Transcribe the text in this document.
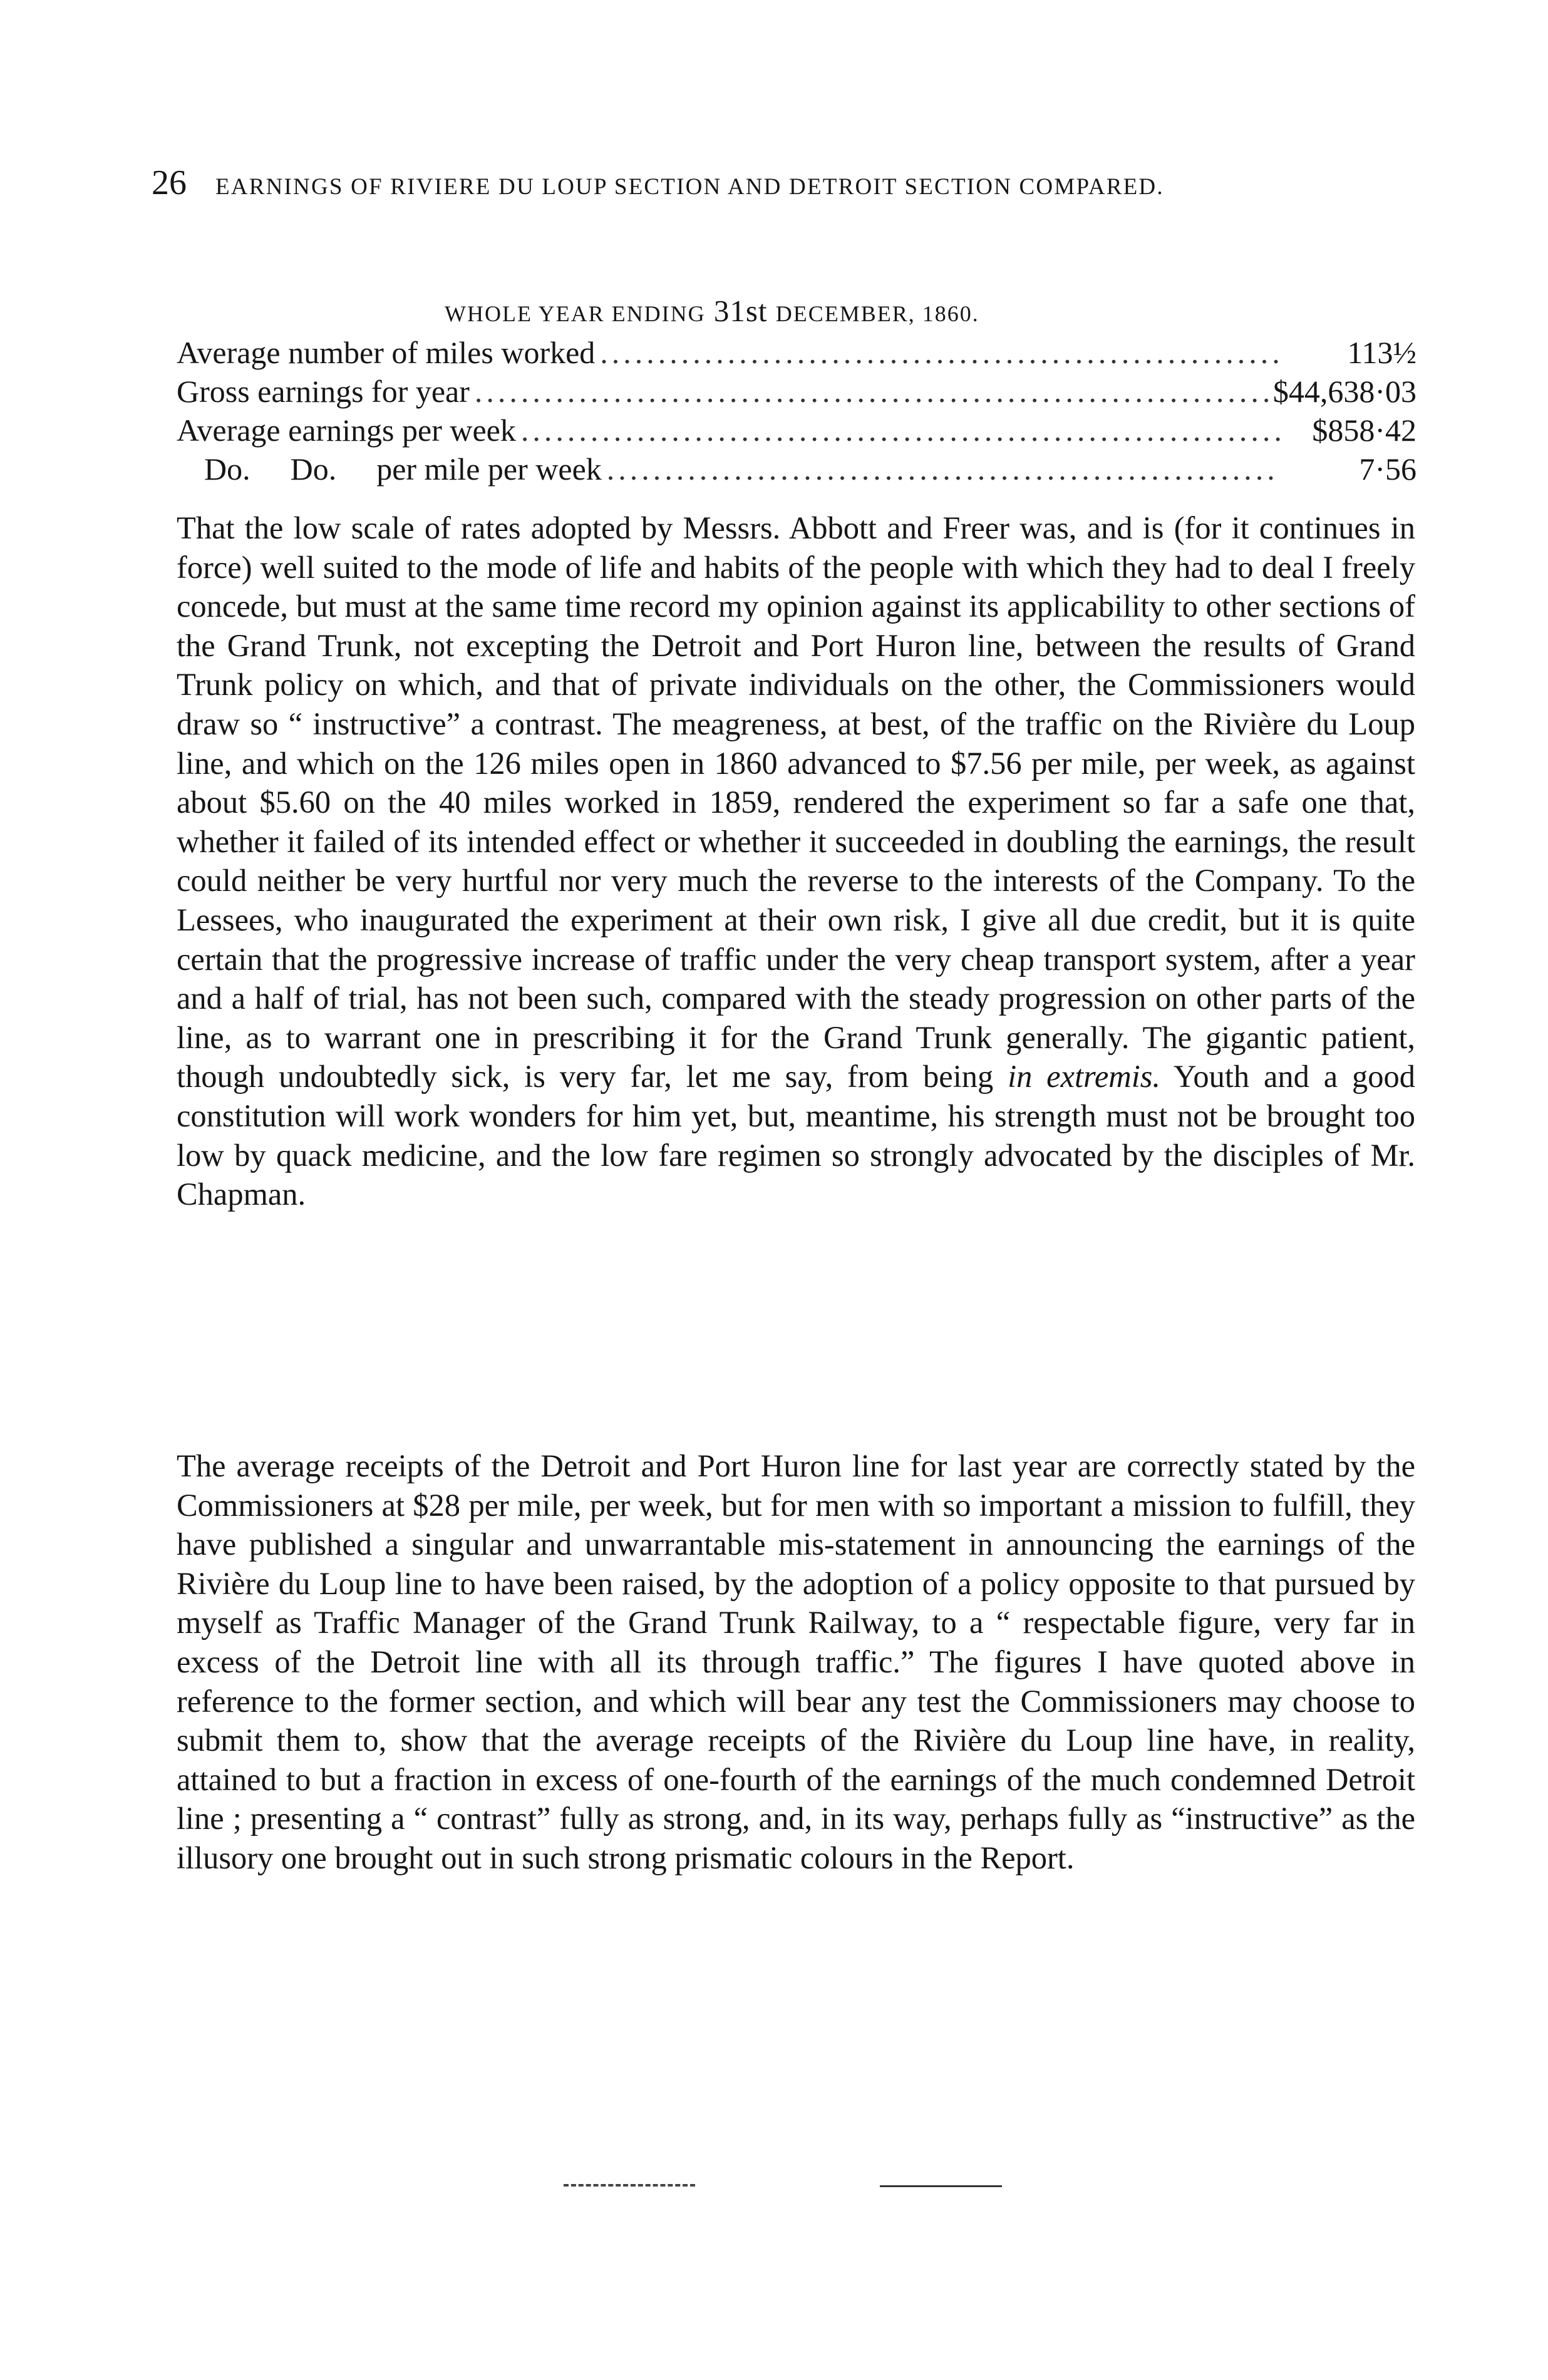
26 EARNINGS OF RIVIERE DU LOUP SECTION AND DETROIT SECTION COMPARED.
WHOLE YEAR ENDING 31st DECEMBER, 1860.
Average number of miles worked .....	113½
Gross earnings for year .....	$44,638·03
Average earnings per week .....	$858·42
Do. Do. per mile per week .....	7·56
That the low scale of rates adopted by Messrs. Abbott and Freer was, and is (for it continues in force) well suited to the mode of life and habits of the people with which they had to deal I freely concede, but must at the same time record my opinion against its applicability to other sections of the Grand Trunk, not excepting the Detroit and Port Huron line, between the results of Grand Trunk policy on which, and that of private individuals on the other, the Commissioners would draw so “ instructive” a contrast. The meagreness, at best, of the traffic on the Rivière du Loup line, and which on the 126 miles open in 1860 advanced to $7.56 per mile, per week, as against about $5.60 on the 40 miles worked in 1859, rendered the experiment so far a safe one that, whether it failed of its intended effect or whether it succeeded in doubling the earnings, the result could neither be very hurtful nor very much the reverse to the interests of the Company. To the Lessees, who inaugurated the experiment at their own risk, I give all due credit, but it is quite certain that the progressive increase of traffic under the very cheap transport system, after a year and a half of trial, has not been such, compared with the steady progression on other parts of the line, as to warrant one in prescribing it for the Grand Trunk generally. The gigantic patient, though undoubtedly sick, is very far, let me say, from being in extremis. Youth and a good constitution will work wonders for him yet, but, meantime, his strength must not be brought too low by quack medicine, and the low fare regimen so strongly advocated by the disciples of Mr. Chapman.
The average receipts of the Detroit and Port Huron line for last year are correctly stated by the Commissioners at $28 per mile, per week, but for men with so important a mission to fulfill, they have published a singular and unwarrantable mis-statement in announcing the earnings of the Rivière du Loup line to have been raised, by the adoption of a policy opposite to that pursued by myself as Traffic Manager of the Grand Trunk Railway, to a “ respectable figure, very far in excess of the Detroit line with all its through traffic.” The figures I have quoted above in reference to the former section, and which will bear any test the Commissioners may choose to submit them to, show that the average receipts of the Rivière du Loup line have, in reality, attained to but a fraction in excess of one-fourth of the earnings of the much condemned Detroit line ; presenting a “ contrast” fully as strong, and, in its way, perhaps fully as “instructive” as the illusory one brought out in such strong prismatic colours in the Report.
